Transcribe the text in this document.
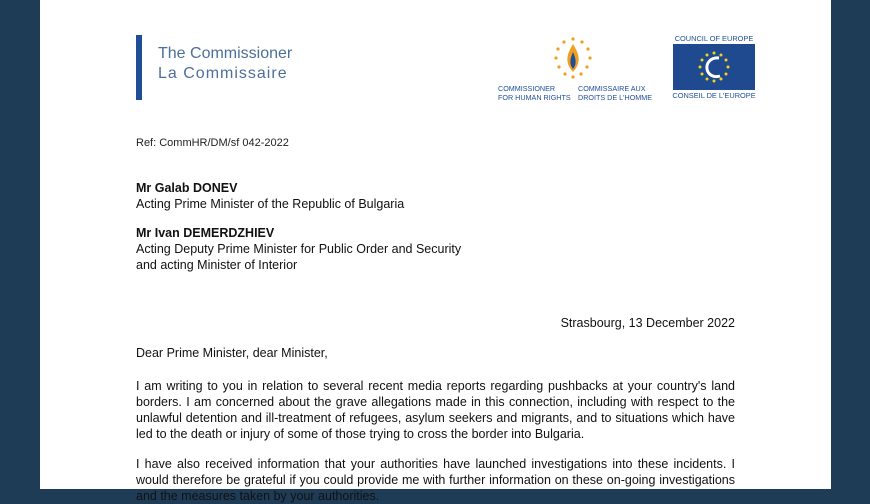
The Commissioner
La Commissaire
COMMISSIONER
FOR HUMAN RIGHTS
COMMISSAIRE AUX
DROITS DE L'HOMME
COUNCIL OF EUROPE
CONSEIL DE L'EUROPE
Ref: CommHR/DM/sf 042-2022
Mr Galab DONEV
Acting Prime Minister of the Republic of Bulgaria
Mr Ivan DEMERDZHIEV
Acting Deputy Prime Minister for Public Order and Security
and acting Minister of Interior
Strasbourg, 13 December 2022
Dear Prime Minister, dear Minister,
I am writing to you in relation to several recent media reports regarding pushbacks at your country's land borders. I am concerned about the grave allegations made in this connection, including with respect to the unlawful detention and ill-treatment of refugees, asylum seekers and migrants, and to situations which have led to the death or injury of some of those trying to cross the border into Bulgaria.
I have also received information that your authorities have launched investigations into these incidents. I would therefore be grateful if you could provide me with further information on these on-going investigations and the measures taken by your authorities.
